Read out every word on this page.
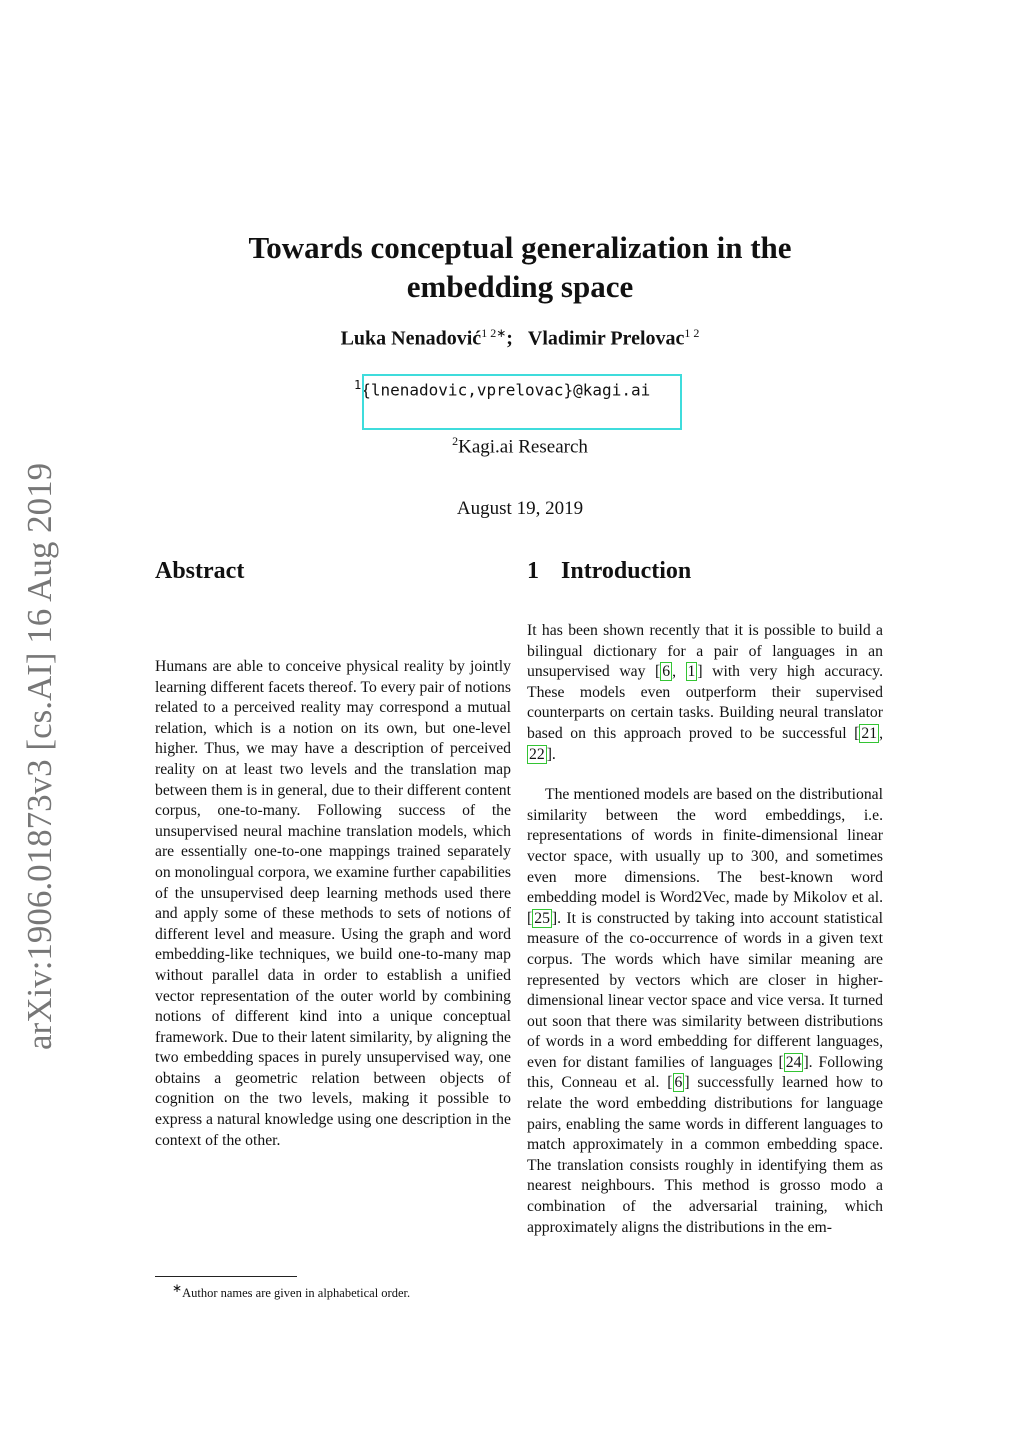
arXiv:1906.01873v3 [cs.AI] 16 Aug 2019
Towards conceptual generalization in the
embedding space
Luka Nenadović$^{1 2∗}$; Vladimir Prelovac$^{1 2}$
$^1${lnenadovic,vprelovac}@kagi.ai
$^2$Kagi.ai Research
August 19, 2019
Abstract	1 Introduction

Humans are able to conceive physical reality by jointly learning different facets thereof. To every pair of notions related to a perceived reality may correspond a mutual relation, which is a notion on its own, but one-level higher. Thus, we may have a description of perceived reality on at least two levels and the translation map between them is in general, due to their different content corpus, one-to-many. Following success of the unsupervised neural machine translation models, which are essentially one-to-one mappings trained separately on monolingual corpora, we examine further capabilities of the unsupervised deep learning methods used there and apply some of these methods to sets of notions of different level and measure. Using the graph and word embedding-like techniques, we build one-to-many map without parallel data in order to establish a unified vector representation of the outer world by combining notions of different kind into a unique conceptual framework. Due to their latent similarity, by aligning the two embedding spaces in purely unsupervised way, one obtains a geometric relation between objects of cognition on the two levels, making it possible to express a natural knowledge using one description in the context of the other.

It has been shown recently that it is possible to build a bilingual dictionary for a pair of languages in an unsupervised way [ 6 , 1 ] with very high accuracy. These models even outperform their supervised counterparts on certain tasks. Building neural translator based on this approach proved to be successful [ 21 , 22 ].

The mentioned models are based on the distributional similarity between the word embeddings, i.e. representations of words in finite-dimensional linear vector space, with usually up to 300, and sometimes even more dimensions. The best-known word embedding model is Word2Vec, made by Mikolov et al. [ 25 ]. It is constructed by taking into account statistical measure of the co-occurrence of words in a given text corpus. The words which have similar meaning are represented by vectors which are closer in higher-dimensional linear vector space and vice versa. It turned out soon that there was similarity between distributions of words in a word embedding for different languages, even for distant families of languages [ 24 ]. Following this, Conneau et al. [ 6 ] successfully learned how to relate the word embedding distributions for language pairs, enabling the same words in different languages to match approximately in a common embedding space. The translation consists roughly in identifying them as nearest neighbours. This method is grosso modo a combination of the adversarial training, which approximately aligns the distributions in the em-

∗Author names are given in alphabetical order.
